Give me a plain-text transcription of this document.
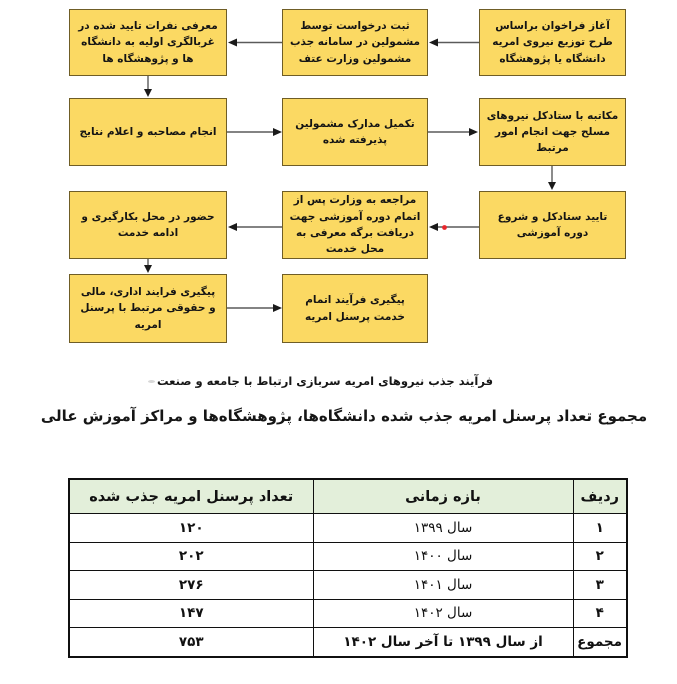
آغاز فراخوان براساس طرح توزیع نیروی امریه دانشگاه یا پژوهشگاه
ثبت درخواست توسط مشمولین در سامانه جذب مشمولین وزارت عتف
معرفی نفرات تایید شده در غربالگری اولیه به دانشگاه ها و پژوهشگاه ها
مکاتبه با ستادکل نیروهای مسلح جهت انجام امور مرتبط
تکمیل مدارک مشمولین پذیرفته شده
انجام مصاحبه و اعلام نتایج
تایید ستادکل و شروع دوره آموزشی
مراجعه به وزارت پس از اتمام دوره آموزشی جهت دریافت برگه معرفی به محل خدمت
حضور در محل بکارگیری و ادامه خدمت
پیگیری فرایند اداری، مالی و حقوقی مرتبط با پرسنل امریه
پیگیری فرآیند اتمام خدمت پرسنل امریه
فرآیند جذب نیروهای امریه سربازی ارتباط با جامعه و صنعت
مجموع تعداد پرسنل امریه جذب شده دانشگاه‌ها، پژوهشگاه‌ها و مراکز آموزش عالی
ردیف	بازه زمانی	تعداد پرسنل امریه جذب شده
۱	سال ۱۳۹۹	۱۲۰
۲	سال ۱۴۰۰	۲۰۲
۳	سال ۱۴۰۱	۲۷۶
۴	سال ۱۴۰۲	۱۴۷
مجموع	از سال ۱۳۹۹ تا آخر سال ۱۴۰۲	۷۵۳
